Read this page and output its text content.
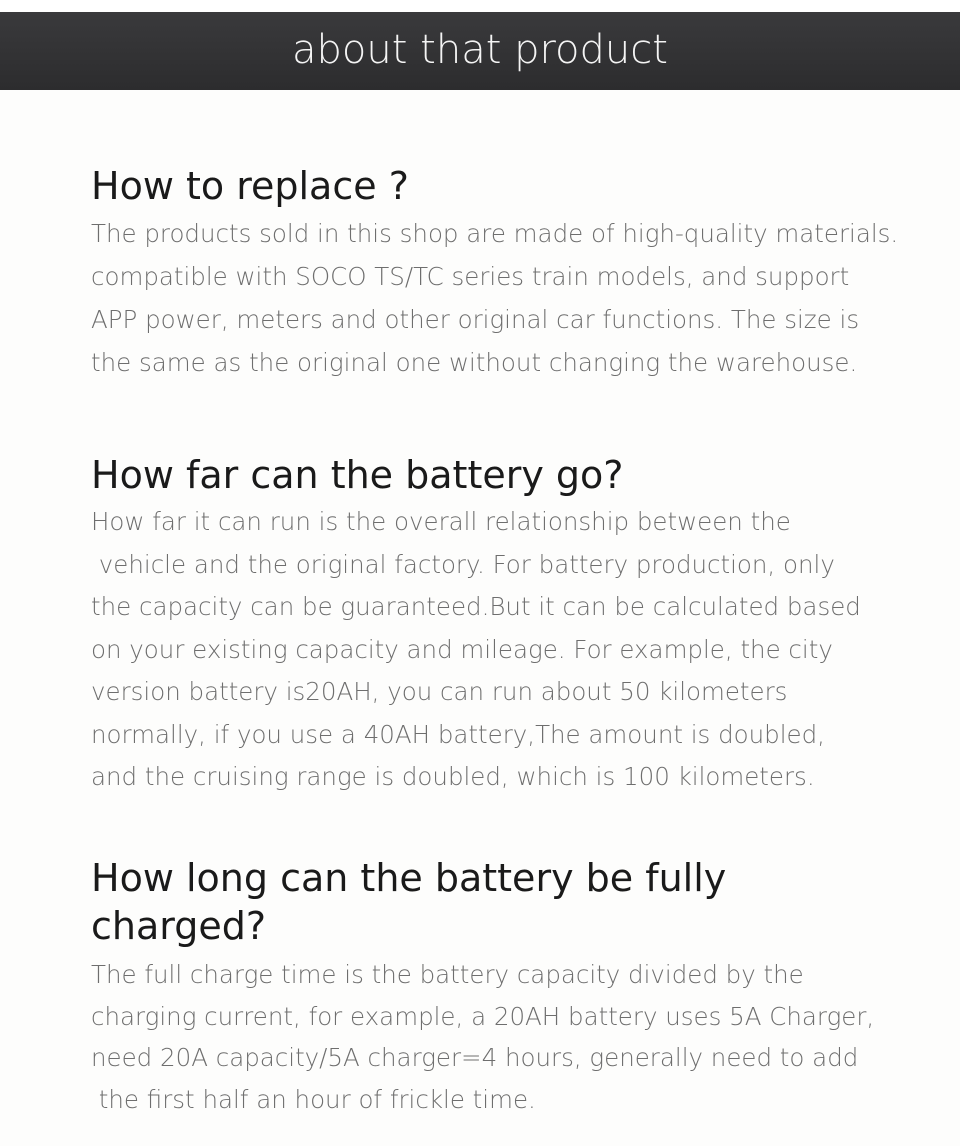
about that product
How to replace ?
The products sold in this shop are made of high-quality materials.
compatible with SOCO TS/TC series train models, and support
APP power, meters and other original car functions. The size is
the same as the original one without changing the warehouse.
How far can the battery go?
How far it can run is the overall relationship between the
vehicle and the original factory. For battery production, only
the capacity can be guaranteed.But it can be calculated based
on your existing capacity and mileage. For example, the city
version battery is20AH, you can run about 50 kilometers
normally, if you use a 40AH battery,The amount is doubled,
and the cruising range is doubled, which is 100 kilometers.
How long can the battery be fully
charged?
The full charge time is the battery capacity divided by the
charging current, for example, a 20AH battery uses 5A Charger,
need 20A capacity/5A charger=4 hours, generally need to add
the first half an hour of frickle time.
